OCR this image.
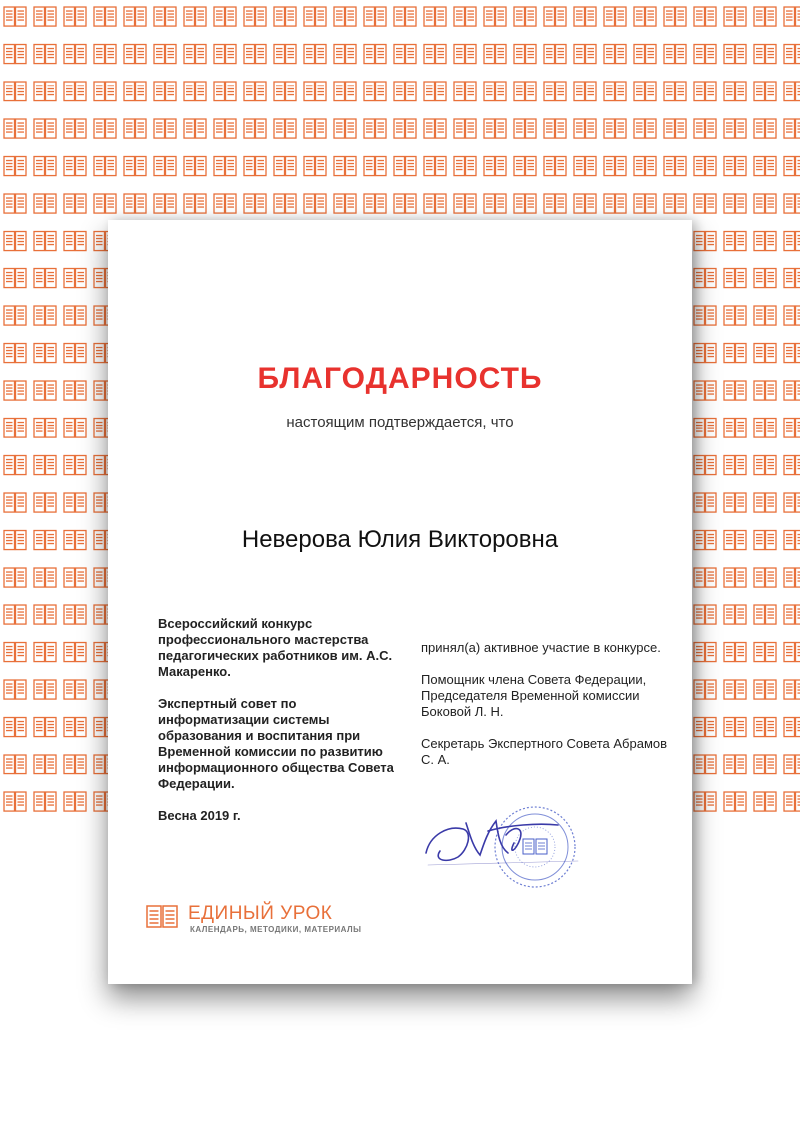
БЛАГОДАРНОСТЬ
настоящим подтверждается, что
Неверова Юлия Викторовна

Всероссийский конкурс профессионального мастерства педагогических работников им. А.С. Макаренко.

Экспертный совет по информатизации системы образования и воспитания при Временной комиссии по развитию информационного общества Совета Федерации.

Весна 2019 г.

принял(а) активное участие в конкурсе.

Помощник члена Совета Федерации, Председателя Временной комиссии Боковой Л. Н.

Секретарь Экспертного Совета Абрамов С. А.

ЕДИНЫЙ УРОК
КАЛЕНДАРЬ, МЕТОДИКИ, МАТЕРИАЛЫ
